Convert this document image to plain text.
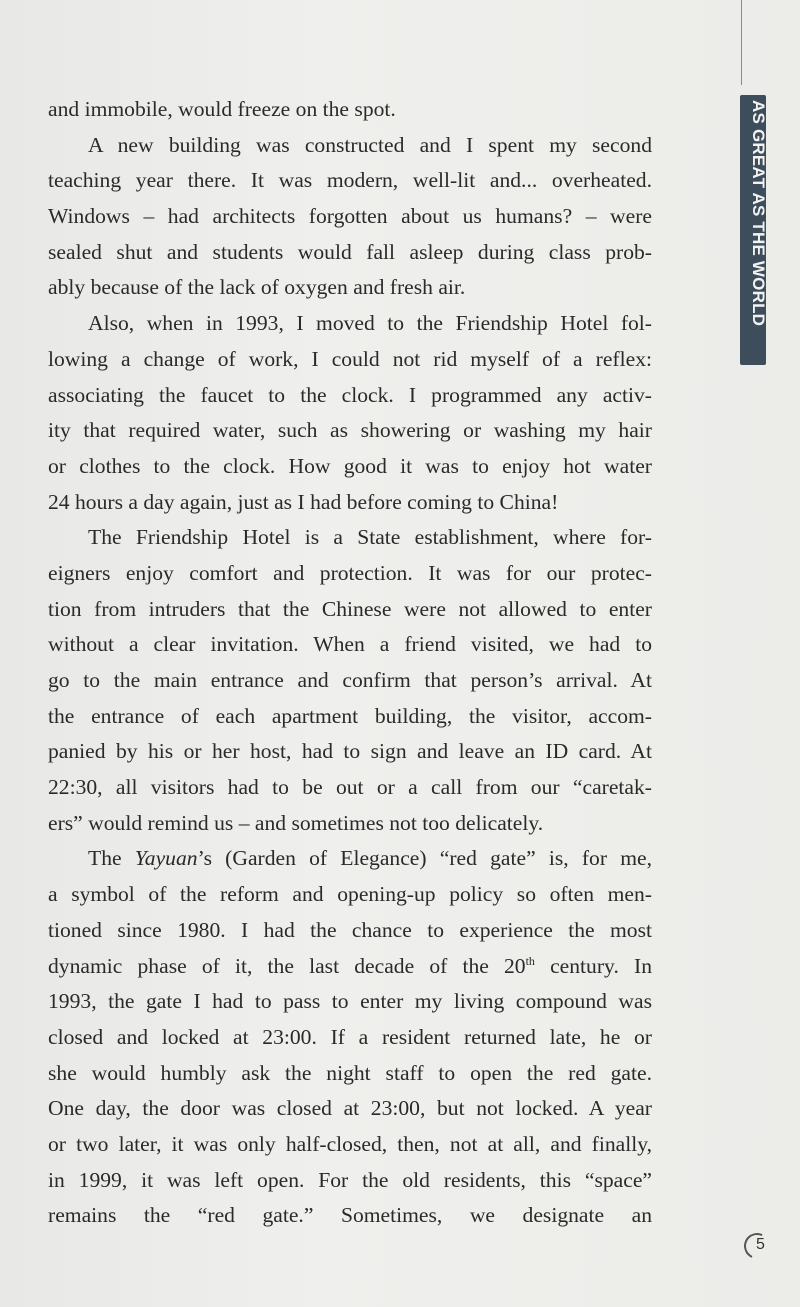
AS GREAT AS THE WORLD
and immobile, would freeze on the spot.
A new building was constructed and I spent my second
teaching year there. It was modern, well-lit and... overheated.
Windows – had architects forgotten about us humans? – were
sealed shut and students would fall asleep during class prob-
ably because of the lack of oxygen and fresh air.
Also, when in 1993, I moved to the Friendship Hotel fol-
lowing a change of work, I could not rid myself of a reflex:
associating the faucet to the clock. I programmed any activ-
ity that required water, such as showering or washing my hair
or clothes to the clock. How good it was to enjoy hot water
24 hours a day again, just as I had before coming to China!
The Friendship Hotel is a State establishment, where for-
eigners enjoy comfort and protection. It was for our protec-
tion from intruders that the Chinese were not allowed to enter
without a clear invitation. When a friend visited, we had to
go to the main entrance and confirm that person’s arrival. At
the entrance of each apartment building, the visitor, accom-
panied by his or her host, had to sign and leave an ID card. At
22:30, all visitors had to be out or a call from our “caretak-
ers” would remind us – and sometimes not too delicately.
The Yayuan’s (Garden of Elegance) “red gate” is, for me,
a symbol of the reform and opening-up policy so often men-
tioned since 1980. I had the chance to experience the most
dynamic phase of it, the last decade of the 20th century. In
1993, the gate I had to pass to enter my living compound was
closed and locked at 23:00. If a resident returned late, he or
she would humbly ask the night staff to open the red gate.
One day, the door was closed at 23:00, but not locked. A year
or two later, it was only half-closed, then, not at all, and finally,
in 1999, it was left open. For the old residents, this “space”
remains the “red gate.” Sometimes, we designate an
5
